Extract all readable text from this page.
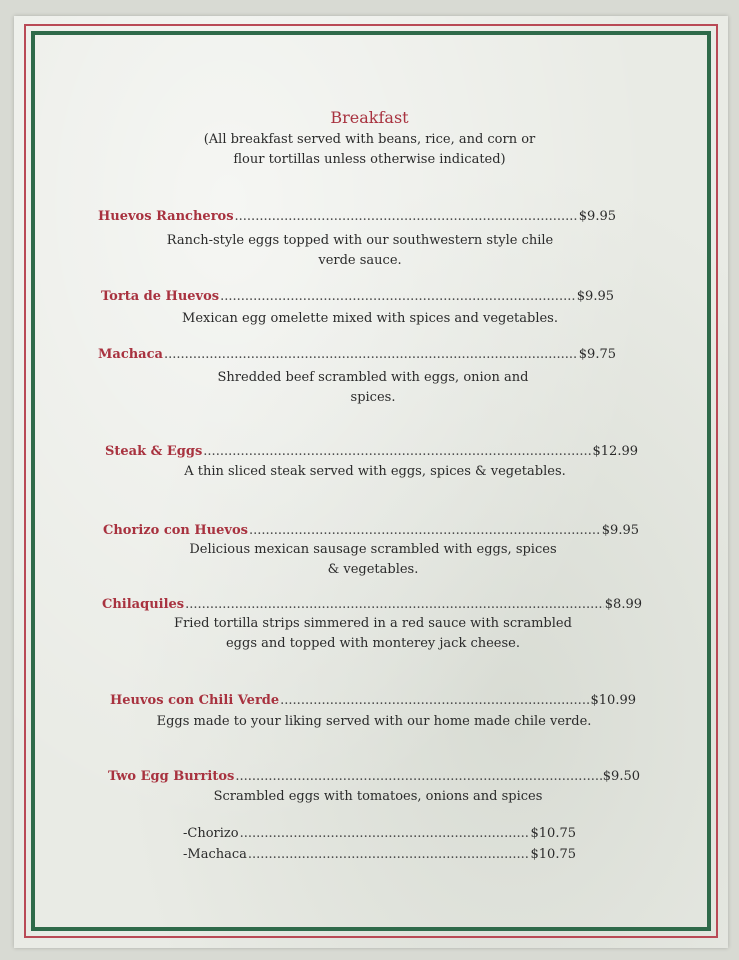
Breakfast
(All breakfast served with beans, rice, and corn or
flour tortillas unless otherwise indicated)
Huevos Rancheros .....	$9.95
Ranch-style eggs topped with our southwestern style chile
verde sauce.
Torta de Huevos .....	$9.95
Mexican egg omelette mixed with spices and vegetables.
Machaca .....	$9.75
Shredded beef scrambled with eggs, onion and
spices.
Steak & Eggs .....	$12.99
A thin sliced steak served with eggs, spices & vegetables.
Chorizo con Huevos .....	$9.95
Delicious mexican sausage scrambled with eggs, spices
& vegetables.
Chilaquiles .....	$8.99
Fried tortilla strips simmered in a red sauce with scrambled
eggs and topped with monterey jack cheese.
Heuvos con Chili Verde .....	$10.99
Eggs made to your liking served with our home made chile verde.
Two Egg Burritos .....	$9.50
Scrambled eggs with tomatoes, onions and spices
-Chorizo .....	$10.75
-Machaca .....	$10.75
